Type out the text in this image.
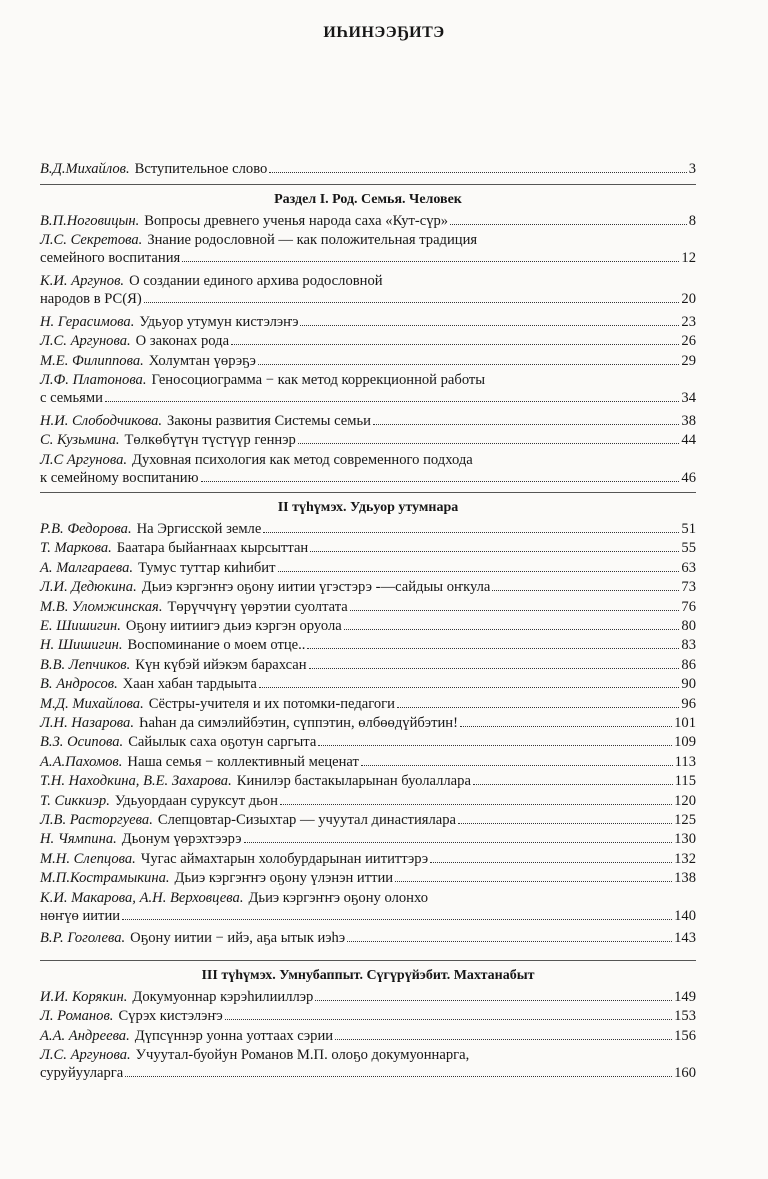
ИҺИНЭЭҔИТЭ
В.Д.Михайлов. Вступительное слово	3
Раздел I. Род. Семья. Человек
В.П.Ноговицын. Вопросы древнего ученья народа саха «Кут-сүр»	8
Л.С. Секретова. Знание родословной — как положительная традиция
семейного воспитания	12
К.И. Аргунов. О создании единого архива родословной
народов в РС(Я)	20
Н. Герасимова. Удьуор утумун кистэлэҥэ	23
Л.С. Аргунова. О законах рода	26
М.Е. Филиппова. Холумтан үөрэҕэ	29
Л.Ф. Платонова. Геносоциограмма − как метод коррекционной работы
с семьями	34
Н.И. Слободчикова. Законы развития Системы семьи	38
С. Кузьмина. Төлкөбүтүн түстүүр геннэр	44
Л.С Аргунова. Духовная психология как метод современного подхода
к семейному воспитанию	46
II түһүмэх. Удьуор утумнара
Р.В. Федорова. На Эргисской земле	51
Т. Маркова. Баатара быйаҥнаах кырсыттан	55
А. Малгараева. Тумус туттар киһибит	63
Л.И. Дедюкина. Дьиэ кэргэҥҥэ оҕону иитии үгэстэрэ -—сайдыы оҥкула	73
М.В. Уломжинская. Төрүччүҥү үөрэтии суолтата	76
Е. Шишигин. Оҕону иитиигэ дьиэ кэргэн оруола	80
Н. Шишигин. Воспоминание о моем отце..	83
В.В. Лепчиков. Күн күбэй ийэкэм барахсан	86
В. Андросов. Хаан хабан тардыыта	90
М.Д. Михайлова. Сёстры-учителя и их потомки-педагоги	96
Л.Н. Назарова. Һаһан да симэлийбэтин, сүппэтин, өлбөөдүйбэтин!	101
В.З. Осипова. Сайылык саха оҕотун саргыта	109
А.А.Пахомов. Наша семья − коллективный меценат	113
Т.Н. Находкина, В.Е. Захарова. Кинилэр бастакыларынан буолаллара	115
Т. Сиккиэр. Удьуордаан суруксут дьон	120
Л.В. Расторгуева. Слепцовтар-Сизыхтар — учуутал династиялара	125
Н. Чямпина. Дьонум үөрэхтээрэ	130
М.Н. Слепцова. Чугас аймахтарын холобурдарынан иититтэрэ	132
М.П.Кострамыкина. Дьиэ кэргэҥҥэ оҕону үлэнэн иттии	138
К.И. Макарова, А.Н. Верховцева. Дьиэ кэргэҥҥэ оҕону олонхо
нөҥүө иитии	140
В.Р. Гоголева. Оҕону иитии − ийэ, аҕа ытык иэһэ	143
III түһүмэх. Умнубаппыт. Сүгүрүйэбит. Махтанабыт
И.И. Корякин. Докумуоннар кэрэһилииллэр	149
Л. Романов. Сүрэх кистэлэҥэ	153
А.А. Андреева. Дүпсүннэр уонна уоттаах сэрии	156
Л.С. Аргунова. Учуутал-буойун Романов М.П. олоҕо докумуоннарга,
суруйууларга	160
